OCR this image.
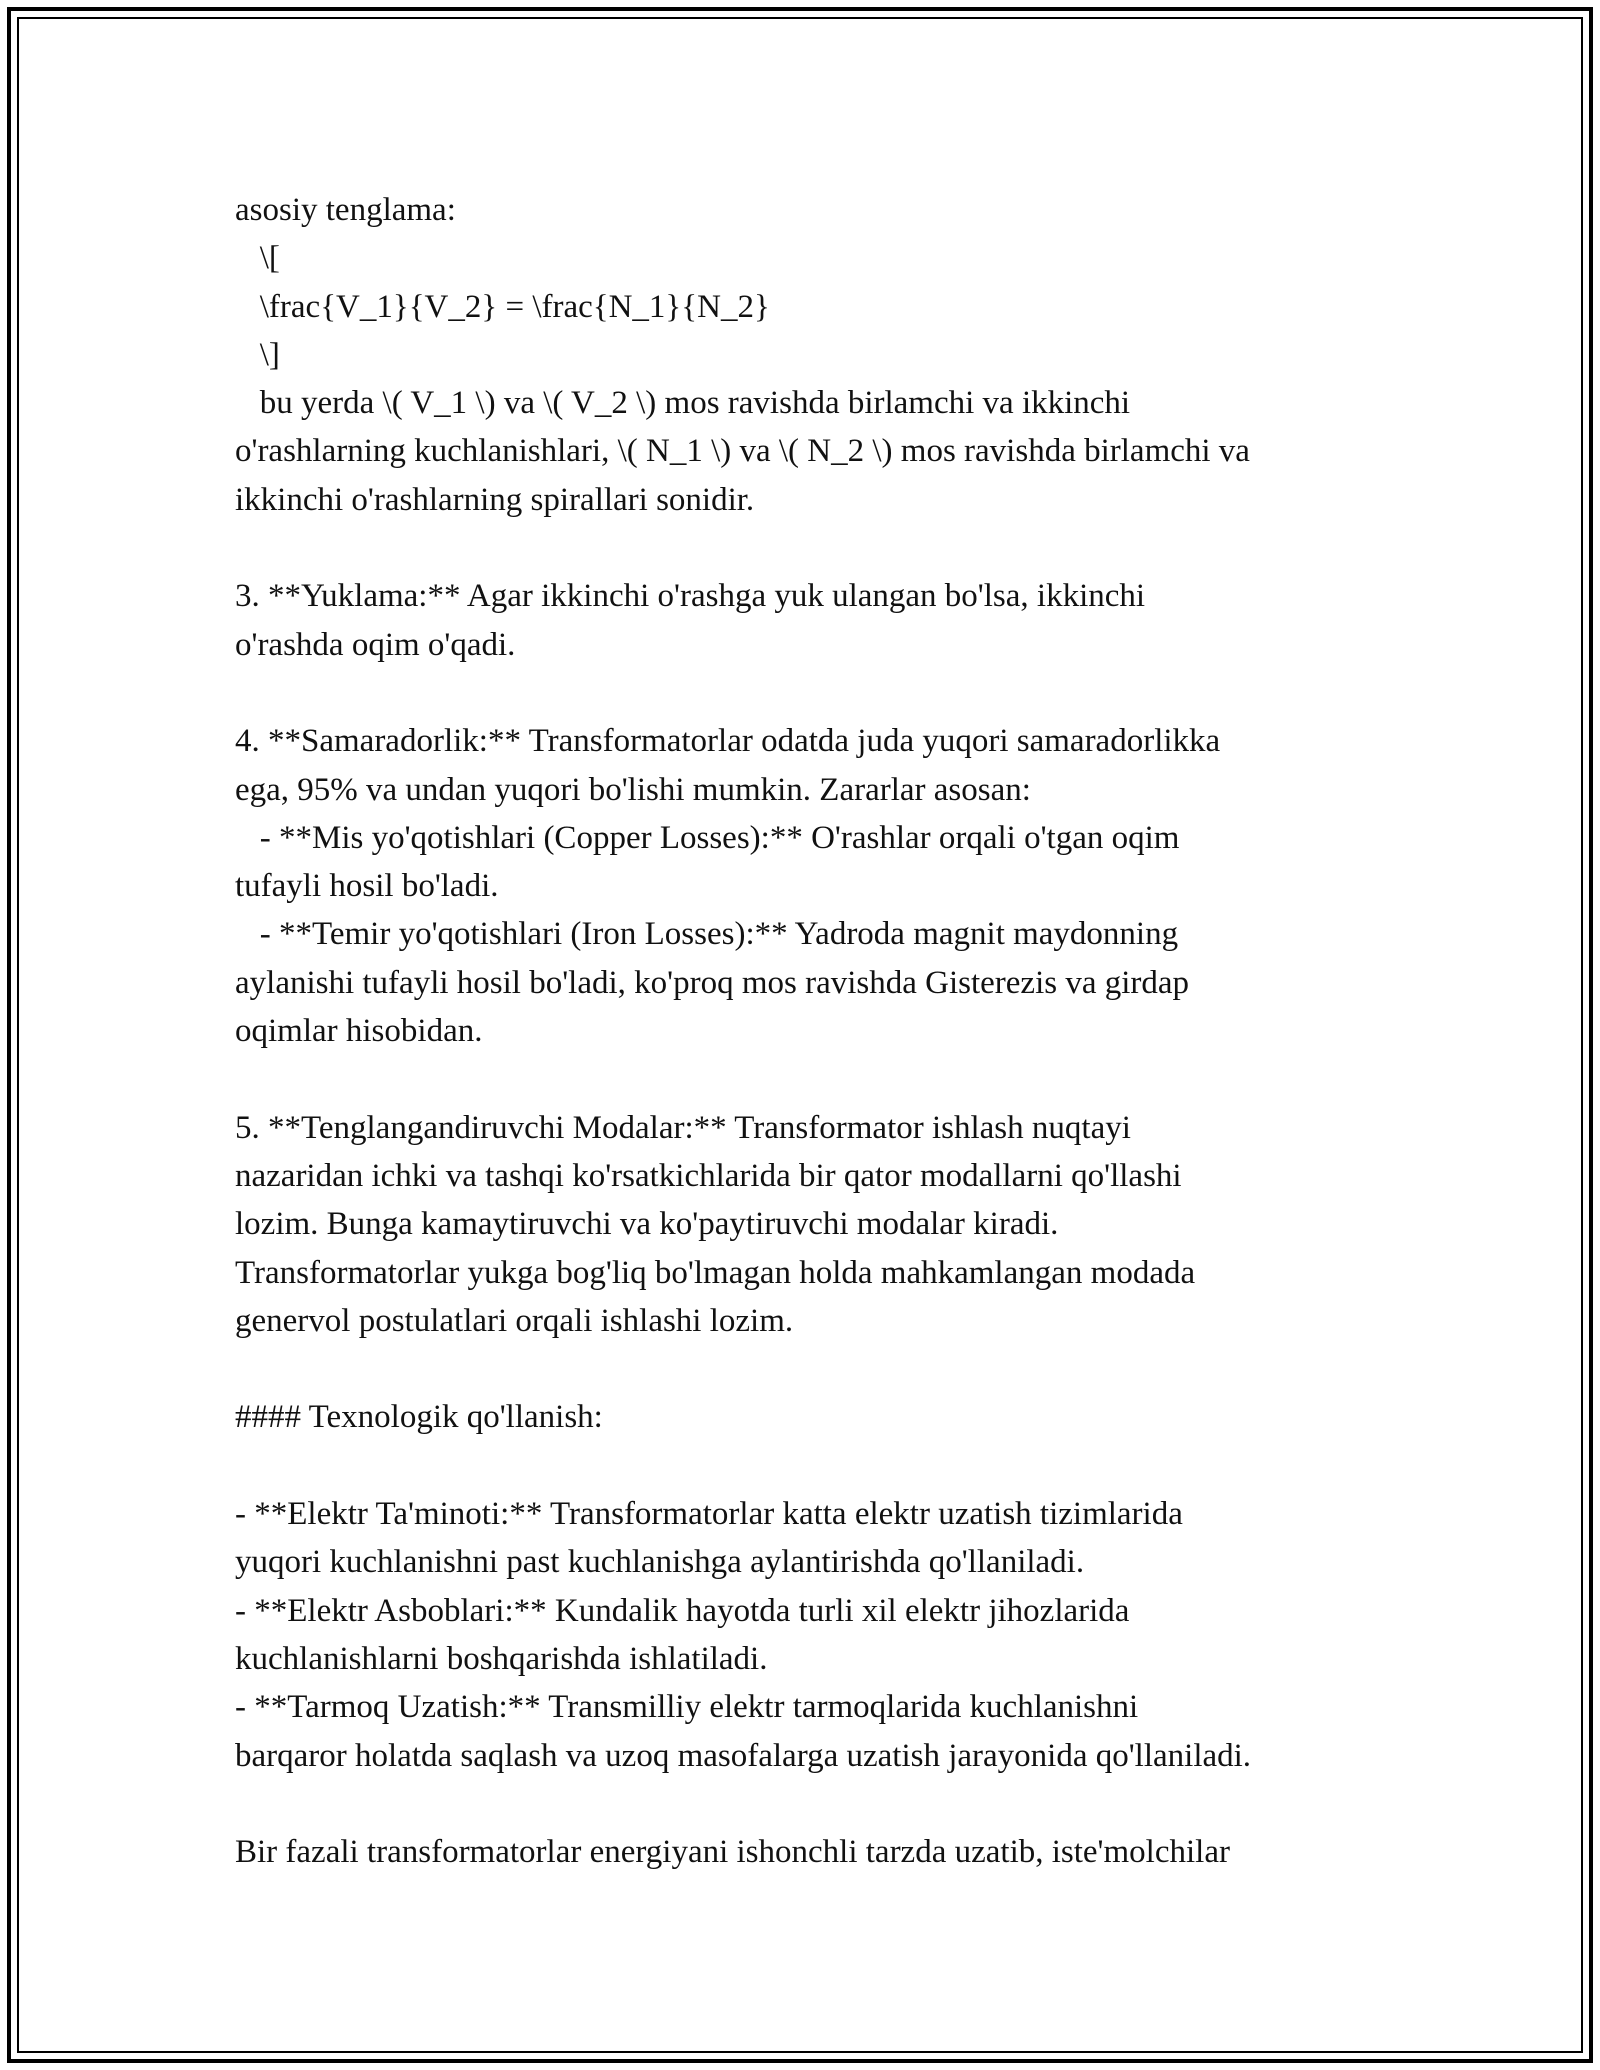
asosiy tenglama:
\[
\frac{V_1}{V_2} = \frac{N_1}{N_2}
\]
bu yerda \( V_1 \) va \( V_2 \) mos ravishda birlamchi va ikkinchi
o'rashlarning kuchlanishlari, \( N_1 \) va \( N_2 \) mos ravishda birlamchi va
ikkinchi o'rashlarning spirallari sonidir.
3. **Yuklama:** Agar ikkinchi o'rashga yuk ulangan bo'lsa, ikkinchi
o'rashda oqim o'qadi.
4. **Samaradorlik:** Transformatorlar odatda juda yuqori samaradorlikka
ega, 95% va undan yuqori bo'lishi mumkin. Zararlar asosan:
- **Mis yo'qotishlari (Copper Losses):** O'rashlar orqali o'tgan oqim
tufayli hosil bo'ladi.
- **Temir yo'qotishlari (Iron Losses):** Yadroda magnit maydonning
aylanishi tufayli hosil bo'ladi, ko'proq mos ravishda Gisterezis va girdap
oqimlar hisobidan.
5. **Tenglangandiruvchi Modalar:** Transformator ishlash nuqtayi
nazaridan ichki va tashqi ko'rsatkichlarida bir qator modallarni qo'llashi
lozim. Bunga kamaytiruvchi va ko'paytiruvchi modalar kiradi.
Transformatorlar yukga bog'liq bo'lmagan holda mahkamlangan modada
genervol postulatlari orqali ishlashi lozim.
#### Texnologik qo'llanish:
- **Elektr Ta'minoti:** Transformatorlar katta elektr uzatish tizimlarida
yuqori kuchlanishni past kuchlanishga aylantirishda qo'llaniladi.
- **Elektr Asboblari:** Kundalik hayotda turli xil elektr jihozlarida
kuchlanishlarni boshqarishda ishlatiladi.
- **Tarmoq Uzatish:** Transmilliy elektr tarmoqlarida kuchlanishni
barqaror holatda saqlash va uzoq masofalarga uzatish jarayonida qo'llaniladi.
Bir fazali transformatorlar energiyani ishonchli tarzda uzatib, iste'molchilar
